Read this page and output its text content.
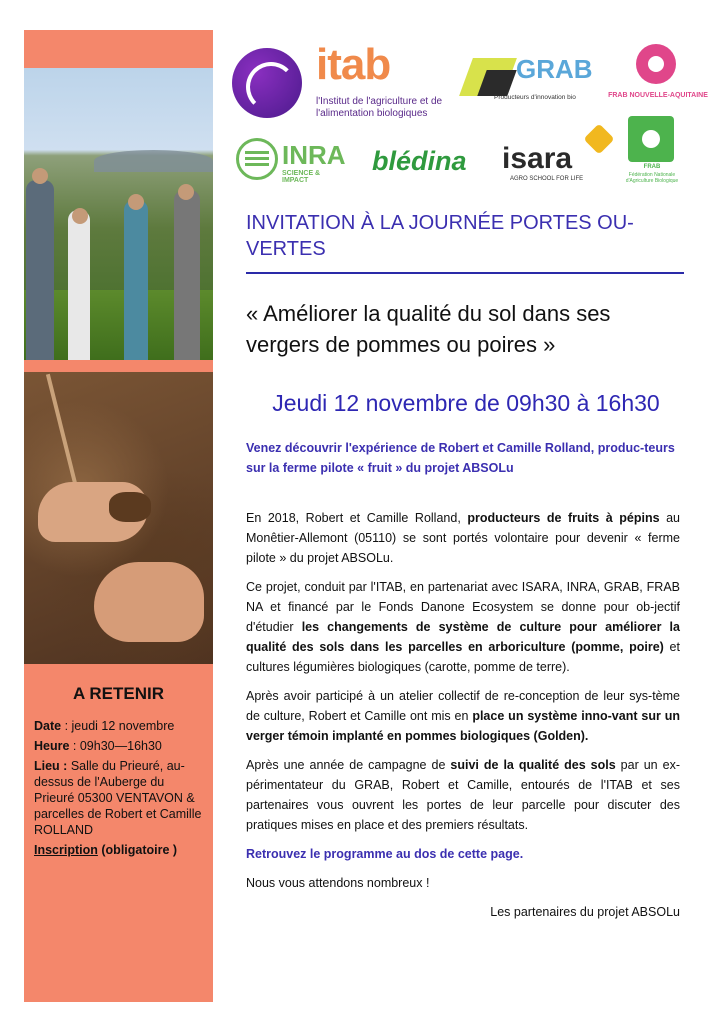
A RETENIR
Date : jeudi 12 novembre
Heure : 09h30—16h30
Lieu : Salle du Prieuré, au-dessus de l'Auberge du Prieuré 05300 VENTAVON & parcelles de Robert et Camille ROLLAND
Inscription (obligatoire )
itab
l'Institut de l'agriculture et de l'alimentation biologiques
GRAB
Producteurs d'innovation bio	FRAB NOUVELLE-AQUITAINE
INRA
SCIENCE & IMPACT
blédina isara
AGRO SCHOOL FOR LIFE
FRAB
Fédération Nationale d'Agriculture Biologique
INVITATION À LA JOURNÉE PORTES OU-VERTES
« Améliorer la qualité du sol dans ses vergers de pommes ou poires »
Jeudi 12 novembre de 09h30 à 16h30
Venez découvrir l'expérience de Robert et Camille Rolland, produc-teurs sur la ferme pilote « fruit » du projet ABSOLu

En 2018, Robert et Camille Rolland, producteurs de fruits à pépins au Monêtier-Allemont (05110) se sont portés volontaire pour devenir « ferme pilote » du projet ABSOLu.

Ce projet, conduit par l'ITAB, en partenariat avec ISARA, INRA, GRAB, FRAB NA et financé par le Fonds Danone Ecosystem se donne pour ob-jectif d'étudier les changements de système de culture pour améliorer la qualité des sols dans les parcelles en arboriculture (pomme, poire) et cultures légumières biologiques (carotte, pomme de terre).

Après avoir participé à un atelier collectif de re-conception de leur sys-tème de culture, Robert et Camille ont mis en place un système inno-vant sur un verger témoin implanté en pommes biologiques (Golden).

Après une année de campagne de suivi de la qualité des sols par un ex-périmentateur du GRAB, Robert et Camille, entourés de l'ITAB et ses partenaires vous ouvrent les portes de leur parcelle pour discuter des pratiques mises en place et des premiers résultats.

Retrouvez le programme au dos de cette page.

Nous vous attendons nombreux !

Les partenaires du projet ABSOLu
